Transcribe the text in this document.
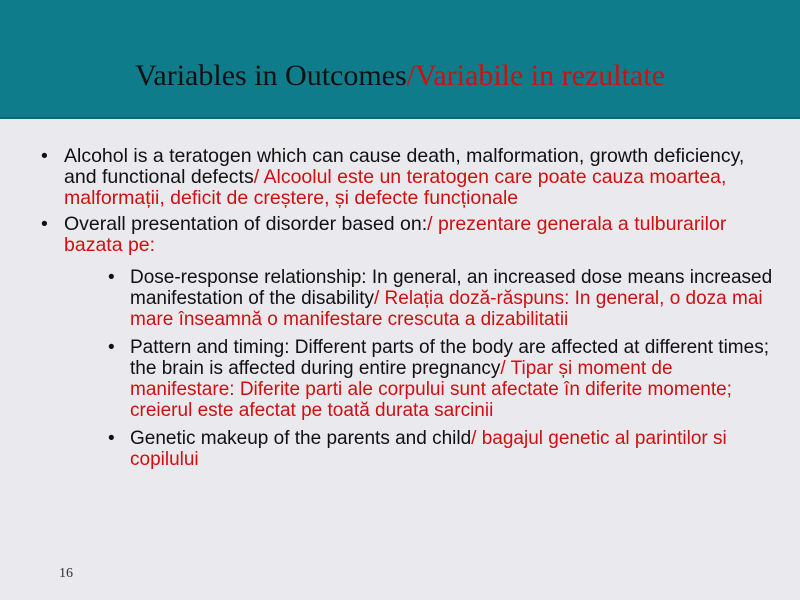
Variables in Outcomes/Variabile in rezultate
• Alcohol is a teratogen which can cause death, malformation, growth deficiency, and functional defects/ Alcoolul este un teratogen care poate cauza moartea, malformații, deficit de creștere, și defecte funcționale
• Overall presentation of disorder based on:/ prezentare generala a tulburarilor bazata pe:
• Dose-response relationship: In general, an increased dose means increased manifestation of the disability/ Relația doză-răspuns: In general, o doza mai mare înseamnă o manifestare crescuta a dizabilitatii
• Pattern and timing: Different parts of the body are affected at different times; the brain is affected during entire pregnancy/ Tipar și moment de manifestare: Diferite parti ale corpului sunt afectate în diferite momente; creierul este afectat pe toată durata sarcinii
• Genetic makeup of the parents and child/ bagajul genetic al parintilor si copilului
16
